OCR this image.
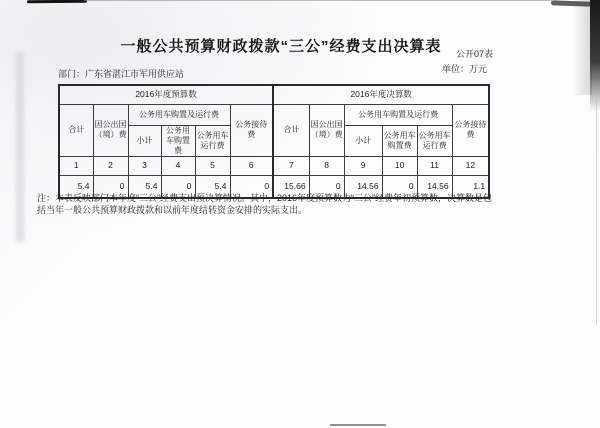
一般公共预算财政拨款“三公”经费支出决算表	公开07表
部门：广东省湛江市军用供应站	单位：万元
2016年度预算数						2016年度决算数					
合计	因公出国（境）费	公务用车购置及运行费			公务接待费	合计	因公出国（境）费	公务用车购置及运行费			公务接待费
		小计	公务用车购置费	公务用车运行费				小计	公务用车购置费	公务用车运行费	
1	2	3	4	5	6	7	8	9	10	11	12
5.4	0	5.4	0	5.4	0	15.66	0	14.56	0	14.56	1.1
注：本表反映部门本年度“三公”经费支出预决算情况。其中，2016年度预算数为“三公”经费年初预算数，决算数是包
括当年一般公共预算财政拨款和以前年度结转资金安排的实际支出。
